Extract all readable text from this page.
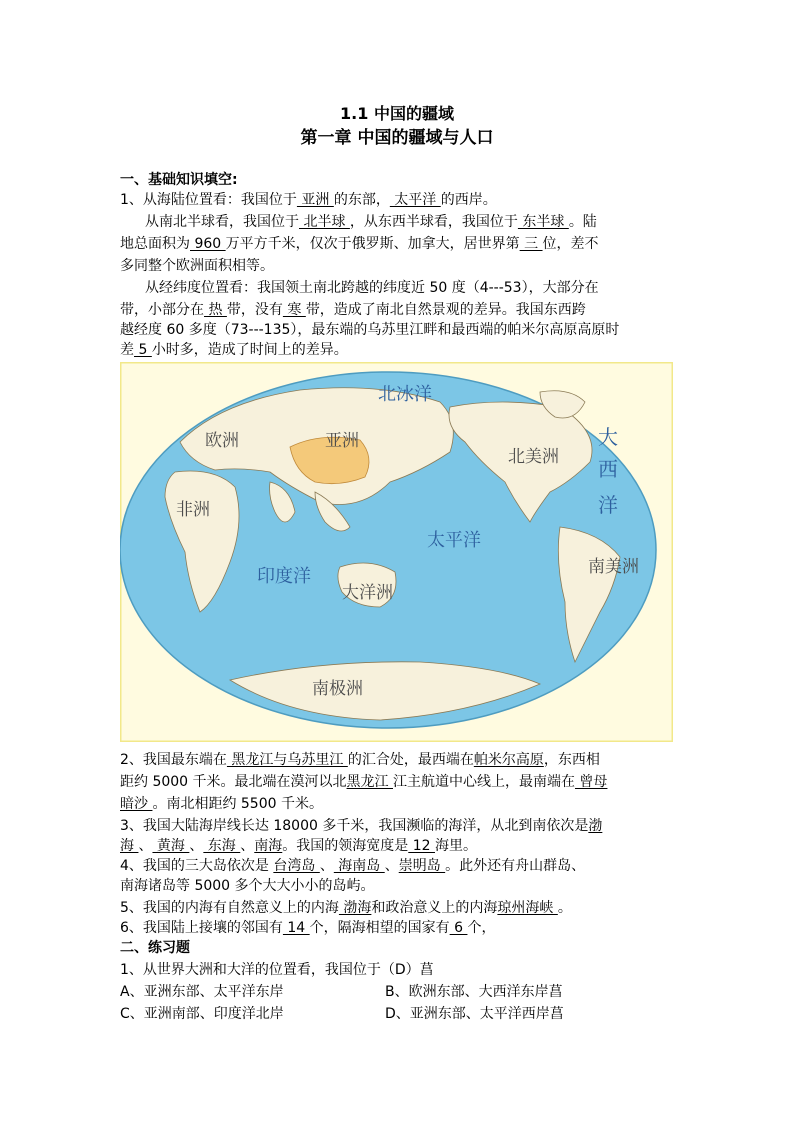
1.1 中国的疆域
第一章 中国的疆域与人口
一、基础知识填空:
1、从海陆位置看：我国位于 亚洲 的东部， 太平洋 的西岸。
从南北半球看，我国位于 北半球 ，从东西半球看，我国位于 东半球 。陆
地总面积为 960 万平方千米，仅次于俄罗斯、加拿大，居世界第 三 位，差不
多同整个欧洲面积相等。
从经纬度位置看：我国领土南北跨越的纬度近 50 度（4---53），大部分在
带，小部分在 热 带，没有 寒 带，造成了南北自然景观的差异。我国东西跨
越经度 60 多度（73---135），最东端的乌苏里江畔和最西端的帕米尔高原高原时
差 5 小时多，造成了时间上的差异。
北冰洋
欧洲	亚洲
北美洲
大
西
洋
非洲
太平洋
印度洋
大洋洲
南美洲
南极洲
2、我国最东端在 黑龙江与乌苏里江 的汇合处，最西端在帕米尔高原，东西相
距约 5000 千米。最北端在漠河以北黑龙江 江主航道中心线上，最南端在 曾母
暗沙 。南北相距约 5500 千米。
3、我国大陆海岸线长达 18000 多千米，我国濒临的海洋，从北到南依次是渤
海 、 黄海 、 东海 、南海。我国的领海宽度是 12 海里。
4、我国的三大岛依次是 台湾岛 、 海南岛 、崇明岛 。此外还有舟山群岛、
南海诸岛等 5000 多个大大小小的岛屿。
5、我国的内海有自然意义上的内海 渤海和政治意义上的内海琼州海峡 。
6、我国陆上接壤的邻国有 14 个，隔海相望的国家有 6 个，
二、练习题
1、从世界大洲和大洋的位置看，我国位于（D）菖
A、亚洲东部、太平洋东岸	B、欧洲东部、大西洋东岸菖
C、亚洲南部、印度洋北岸	D、亚洲东部、太平洋西岸菖
